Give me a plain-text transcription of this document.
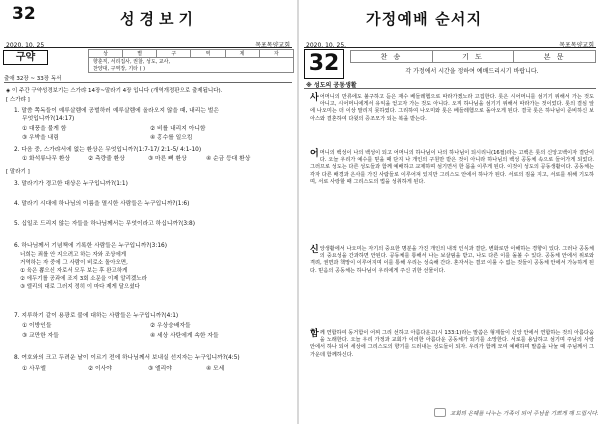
32	성경보기
2020. 10. 25	목포목양교회
구약	상	별	구	역	제	자
향훈직, 서리집사, 권찰, 성도, 교사,
찬양대, 구역장, 기타 ( )
출애 32장 ~ 33장 독서
◈ 이 주간 구약성경보기는 스가랴 14장~말라기 4장 입니다 (개역개정판으로 출제됩니다).
[ 스가랴 ]
1. 말씀 쪽독들이 예루살렘에 공벌하러 예루살렘에 올라오지 않을 때, 내리는 벌은
무엇입니까?(14:17)
① 대풍을 불게 함	② 비를 내리지 아니함
③ 우박을 내림	④ 홍수를 일으킴
2. 다음 중, 스가랴서에 없는 환상은 무엇입니까?(1:7-17/ 2:1-5/ 4:1-10)
① 화석류나무 환상	② 측량줄 환상	③ 마른 뼈 환상	④ 순금 등대 환상
[ 말라기 ]
3. 말라기가 경고한 대상은 누구입니까?(1:1)
4. 말라기 시대에 하나님의 이름을 멸시한 사람들은 누구입니까?(1:6)
5. 십일조 드리지 않는 자들을 하나님께서는 무엇이라고 하십니까?(3:8)
6. 하나님께서 기념책에 기록한 사람들은 누구입니까?(3:16)
너희는 죄를 안 지으려고 하는 자와 조상에게
거역하는 자 중에 그 사람이 비로소 돌아오면,
① 육은 뽑으신 자로서 모두 보는 후 완고하게
② 에두기를 공과에 조지 3회 소문을 이제 알리겠노라
③ 엘리의 대로 그러지 정히 이 마다 제게 달으셨다
7. 지루하기 같이 용광로 불에 대하는 사람들은 누구입니까?(4:1)
① 이방인들	② 우상숭배자들
③ 교만한 자들	④ 세상 사탄에게 속한 자들
8. 여호와의 크고 두려운 날이 이르기 전에 하나님께서 보내실 선지자는 누구입니까?(4:5)
① 사무엘	② 이사야	③ 엘리야	④ 모세
가정예배 순서지
2020. 10. 25.	목포목양교회
32	찬 송	기 도	본 문
각 가정에서 시간을 정하여 예배드리시기 바랍니다.
※ 성도의 공동생활
사어머니의 만류에도 불구하고 듣은 재수 베들레헴으로 따라가겠노라 고집한다. 롯은 시어머니를 섬기기 위해서 가는 것도 아니고, 시어머니에게서 유익을 얻고자 가는 것도 아니다. 오직 하나님을 섬기기 위해서 따라가는 것이었다. 롯의 결심 앞에 나오미는 더 이상 말리지 못하였다. 그리하여 나오미와 롯은 베들레헴으로 돌아오게 된다. 결국 롯은 하나님이 준비하신 보아스와 결혼하여 다윗의 증조모가 되는 복을 받는다.
어머니의 백성이 나의 백성이 되고 어머니의 하나님이 나의 하나님이 되시리니(16절)라는 고백은 롯의 신앙고백이자 결단이다. 오늘 우리가 예수를 믿을 때 단지 나 개인의 구원만 받은 것이 아니라 하나님의 백성 공동체 속으로 들어가게 되었다. 그러므로 성도는 다른 성도들과 함께 예배하고 교제하며 섬기면서 한 몸을 이루게 된다. 이것이 성도의 공동생활이다. 공동체는 각자 다른 배경과 은사를 가진 사람들로 이루어져 있지만 그리스도 안에서 하나가 된다. 서로의 짐을 지고, 서로를 위해 기도하며, 서로 사랑할 때 그리스도의 법을 성취하게 된다.
신앙생활에서 나오미는 자기의 중요한 명분을 가진 개인의 내적 인식과 결단, 변화로만 이해하는 경향이 있다. 그러나 공동체의 중요성을 간과하면 안된다. 공동체를 통해서 나는 보살핌을 받고, 나도 다른 이를 돌볼 수 있다. 공동체 안에서 위로와 격려, 권면과 책망이 이루어지며 이를 통해 우리는 성숙해 간다. 혼자서는 결코 이룰 수 없는 것들이 공동체 안에서 가능하게 된다. 믿음의 공동체는 하나님이 우리에게 주신 귀한 선물이다.
함께 연합하여 동거함이 어찌 그리 선하고 아름다운고(시 133:1)라는 말씀은 형제들이 신앙 안에서 연합하는 것의 아름다움을 노래한다. 오늘 우리 가정과 교회가 이러한 아름다운 공동체가 되기를 소망한다. 서로를 용납하고 섬기며 주님의 사랑 안에서 하나 되어 세상에 그리스도의 향기를 드러내는 성도들이 되자. 우리가 함께 모여 예배하며 말씀을 나눌 때 주님께서 그 가운데 함께하신다.
교회의 은혜를 나누는 가족이 되어 주님을 기쁘게 해 드립시다.
